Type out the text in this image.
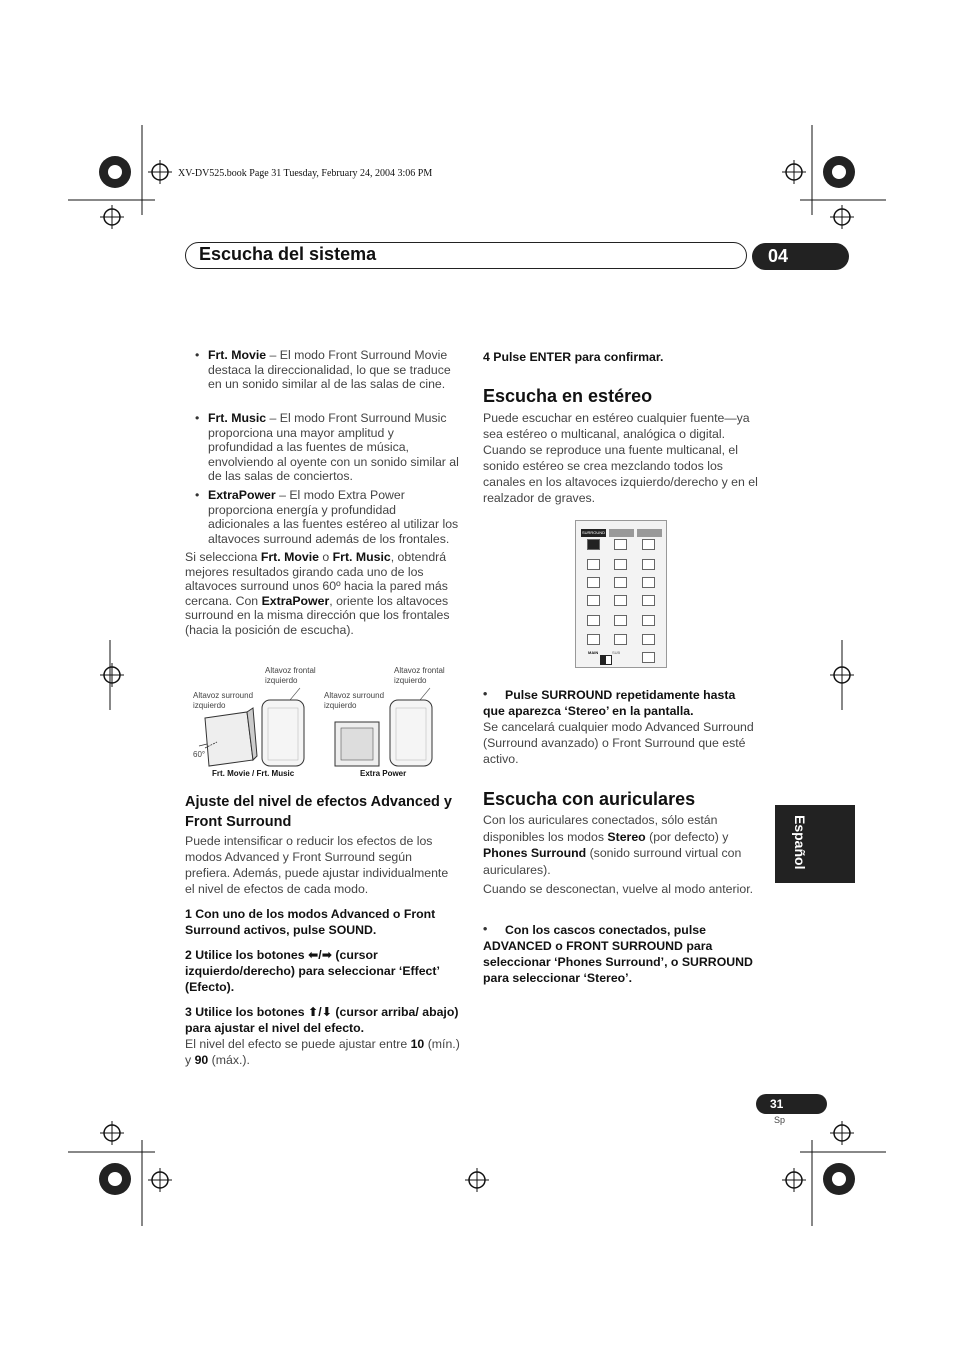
XV-DV525.book Page 31 Tuesday, February 24, 2004 3:06 PM
Escucha del sistema	04
• Frt. Movie – El modo Front Surround Movie destaca la direccionalidad, lo que se traduce en un sonido similar al de las salas de cine.
• Frt. Music – El modo Front Surround Music proporciona una mayor amplitud y profundidad a las fuentes de música, envolviendo al oyente con un sonido similar al de las salas de conciertos.
• ExtraPower – El modo Extra Power proporciona energía y profundidad adicionales a las fuentes estéreo al utilizar los altavoces surround además de los frontales.
Si selecciona Frt. Movie o Frt. Music, obtendrá mejores resultados girando cada uno de los altavoces surround unos 60º hacia la pared más cercana. Con ExtraPower, oriente los altavoces surround en la misma dirección que los frontales (hacia la posición de escucha).
Altavoz frontal izquierdo
Altavoz surround izquierdo
Altavoz frontal izquierdo
Altavoz surround izquierdo
60°
Frt. Movie / Frt. Music	Extra Power
Ajuste del nivel de efectos Advanced y Front Surround
Puede intensificar o reducir los efectos de los modos Advanced y Front Surround según prefiera. Además, puede ajustar individualmente el nivel de efectos de cada modo.
1 Con uno de los modos Advanced o Front Surround activos, pulse SOUND.
2 Utilice los botones ⬅/➡ (cursor izquierdo/derecho) para seleccionar ‘Effect’ (Efecto).
3 Utilice los botones ⬆/⬇ (cursor arriba/ abajo) para ajustar el nivel del efecto.
El nivel del efecto se puede ajustar entre 10 (mín.) y 90 (máx.).
4 Pulse ENTER para confirmar.
Escucha en estéreo
Puede escuchar en estéreo cualquier fuente—ya sea estéreo o multicanal, analógica o digital. Cuando se reproduce una fuente multicanal, el sonido estéreo se crea mezclando todos los canales en los altavoces izquierdo/derecho y en el realzador de graves.
SURROUND
MAIN	SUB
•	Pulse SURROUND repetidamente hasta que aparezca ‘Stereo’ en la pantalla.
Se cancelará cualquier modo Advanced Surround (Surround avanzado) o Front Surround que esté activo.
Escucha con auriculares
Con los auriculares conectados, sólo están disponibles los modos Stereo (por defecto) y Phones Surround (sonido surround virtual con auriculares).
Cuando se desconectan, vuelve al modo anterior.
•	Con los cascos conectados, pulse ADVANCED o FRONT SURROUND para seleccionar ‘Phones Surround’, o SURROUND para seleccionar ‘Stereo’.
Español
31
Sp
